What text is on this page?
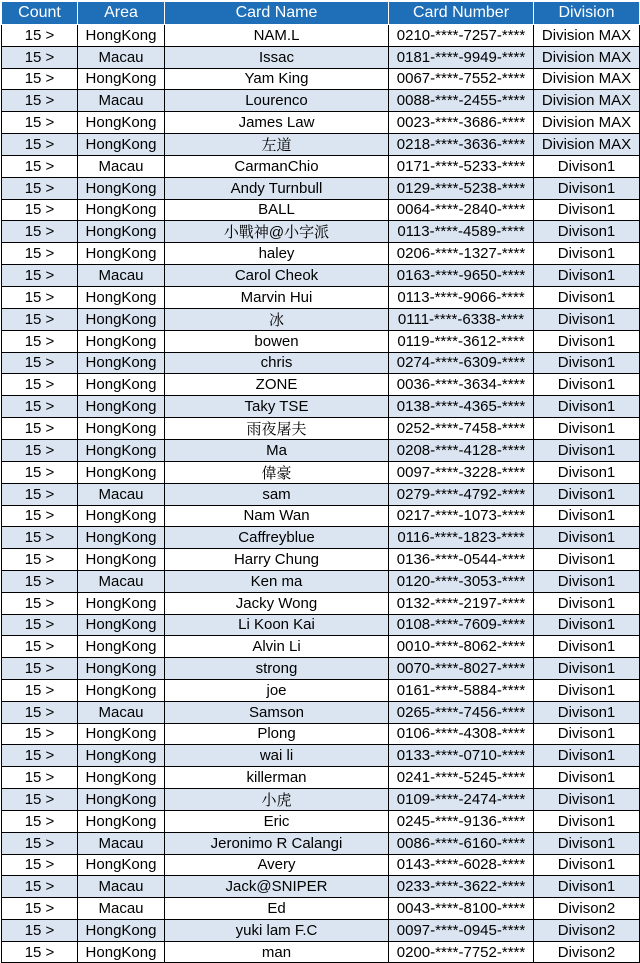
Count	Area	Card Name	Card Number	Division
15 >	HongKong	NAM.L	0210-****-7257-****	Division MAX
15 >	Macau	Issac	0181-****-9949-****	Division MAX
15 >	HongKong	Yam King	0067-****-7552-****	Division MAX
15 >	Macau	Lourenco	0088-****-2455-****	Division MAX
15 >	HongKong	James Law	0023-****-3686-****	Division MAX
15 >	HongKong	左道	0218-****-3636-****	Division MAX
15 >	Macau	CarmanChio	0171-****-5233-****	Divison1
15 >	HongKong	Andy Turnbull	0129-****-5238-****	Divison1
15 >	HongKong	BALL	0064-****-2840-****	Divison1
15 >	HongKong	小戰神@小字派	0113-****-4589-****	Divison1
15 >	HongKong	haley	0206-****-1327-****	Divison1
15 >	Macau	Carol Cheok	0163-****-9650-****	Divison1
15 >	HongKong	Marvin Hui	0113-****-9066-****	Divison1
15 >	HongKong	冰	0111-****-6338-****	Divison1
15 >	HongKong	bowen	0119-****-3612-****	Divison1
15 >	HongKong	chris	0274-****-6309-****	Divison1
15 >	HongKong	ZONE	0036-****-3634-****	Divison1
15 >	HongKong	Taky TSE	0138-****-4365-****	Divison1
15 >	HongKong	雨夜屠夫	0252-****-7458-****	Divison1
15 >	HongKong	Ma	0208-****-4128-****	Divison1
15 >	HongKong	偉豪	0097-****-3228-****	Divison1
15 >	Macau	sam	0279-****-4792-****	Divison1
15 >	HongKong	Nam Wan	0217-****-1073-****	Divison1
15 >	HongKong	Caffreyblue	0116-****-1823-****	Divison1
15 >	HongKong	Harry Chung	0136-****-0544-****	Divison1
15 >	Macau	Ken ma	0120-****-3053-****	Divison1
15 >	HongKong	Jacky Wong	0132-****-2197-****	Divison1
15 >	HongKong	Li Koon Kai	0108-****-7609-****	Divison1
15 >	HongKong	Alvin Li	0010-****-8062-****	Divison1
15 >	HongKong	strong	0070-****-8027-****	Divison1
15 >	HongKong	joe	0161-****-5884-****	Divison1
15 >	Macau	Samson	0265-****-7456-****	Divison1
15 >	HongKong	Plong	0106-****-4308-****	Divison1
15 >	HongKong	wai li	0133-****-0710-****	Divison1
15 >	HongKong	killerman	0241-****-5245-****	Divison1
15 >	HongKong	小虎	0109-****-2474-****	Divison1
15 >	HongKong	Eric	0245-****-9136-****	Divison1
15 >	Macau	Jeronimo R Calangi	0086-****-6160-****	Divison1
15 >	HongKong	Avery	0143-****-6028-****	Divison1
15 >	Macau	Jack@SNIPER	0233-****-3622-****	Divison1
15 >	Macau	Ed	0043-****-8100-****	Divison2
15 >	HongKong	yuki lam F.C	0097-****-0945-****	Divison2
15 >	HongKong	man	0200-****-7752-****	Divison2
